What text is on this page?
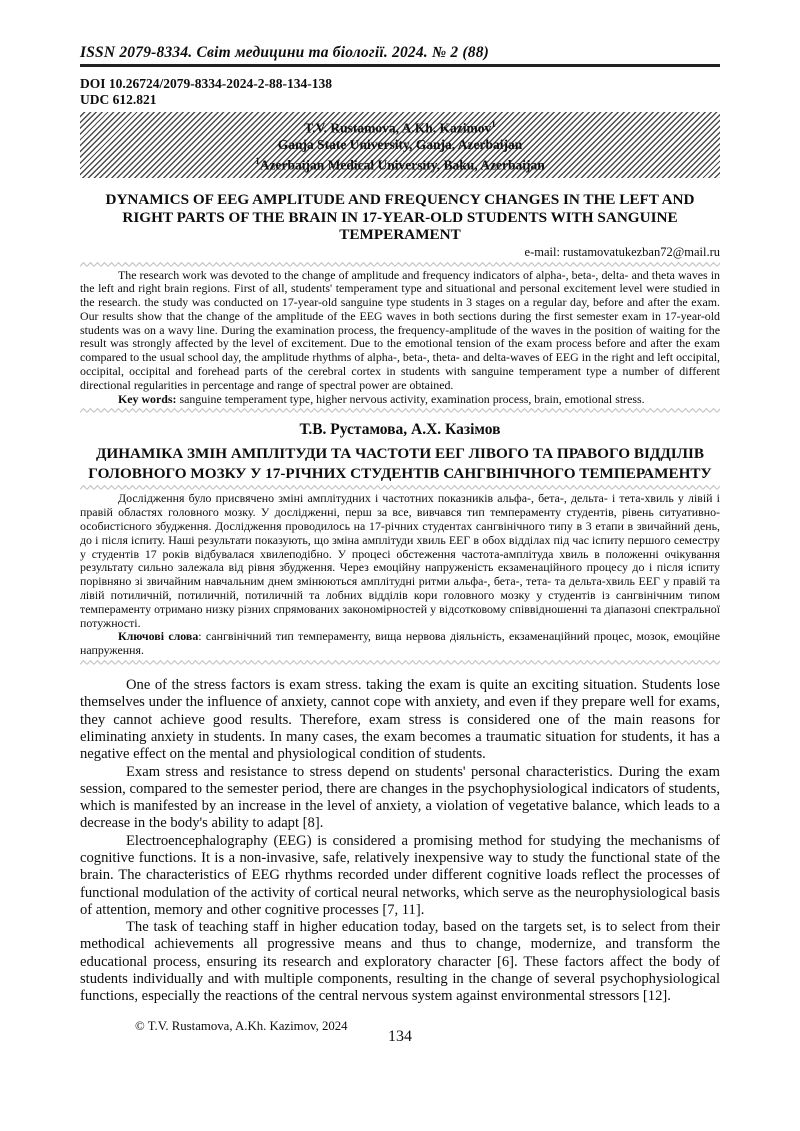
ISSN 2079-8334. Світ медицини та біології. 2024. № 2 (88)
DOI 10.26724/2079-8334-2024-2-88-134-138
UDC 612.821
T.V. Rustamova, A.Kh. Kazimov$^1$
Ganja State University, Ganja, Azerbaijan
$^1$Azerbaijan Medical University, Baku, Azerbaijan
DYNAMICS OF EEG AMPLITUDE AND FREQUENCY CHANGES IN THE LEFT AND RIGHT PARTS OF THE BRAIN IN 17-YEAR-OLD STUDENTS WITH SANGUINE TEMPERAMENT
e-mail: rustamovatukezban72@mail.ru

The research work was devoted to the change of amplitude and frequency indicators of alpha-, beta-, delta- and theta waves in the left and right brain regions. First of all, students' temperament type and situational and personal excitement level were studied in the research. the study was conducted on 17-year-old sanguine type students in 3 stages on a regular day, before and after the exam. Our results show that the change of the amplitude of the EEG waves in both sections during the first semester exam in 17-year-old students was on a wavy line. During the examination process, the frequency-amplitude of the waves in the position of waiting for the result was strongly affected by the level of excitement. Due to the emotional tension of the exam process before and after the exam compared to the usual school day, the amplitude rhythms of alpha-, beta-, theta- and delta-waves of EEG in the right and left occipital, occipital, occipital and forehead parts of the cerebral cortex in students with sanguine temperament type a number of different directional regularities in percentage and range of spectral power are obtained.

Key words: sanguine temperament type, higher nervous activity, examination process, brain, emotional stress.

Т.В. Рустамова, А.Х. Казімов
ДИНАМІКА ЗМІН АМПЛІТУДИ ТА ЧАСТОТИ ЕЕГ ЛІВОГО ТА ПРАВОГО ВІДДІЛІВ ГОЛОВНОГО МОЗКУ У 17-РІЧНИХ СТУДЕНТІВ САНГВІНІЧНОГО ТЕМПЕРАМЕНТУ

Дослідження було присвячено зміні амплітудних і частотних показників альфа-, бета-, дельта- і тета-хвиль у лівій і правій областях головного мозку. У дослідженні, перш за все, вивчався тип темпераменту студентів, рівень ситуативно-особистісного збудження. Дослідження проводилось на 17-річних студентах сангвінічного типу в 3 етапи в звичайний день, до і після іспиту. Наші результати показують, що зміна амплітуди хвиль ЕЕГ в обох відділах під час іспиту першого семестру у студентів 17 років відбувалася хвилеподібно. У процесі обстеження частота-амплітуда хвиль в положенні очікування результату сильно залежала від рівня збудження. Через емоційну напруженість екзаменаційного процесу до і після іспиту порівняно зі звичайним навчальним днем змінюються амплітудні ритми альфа-, бета-, тета- та дельта-хвиль ЕЕГ у правій та лівій потиличній, потиличній, потиличній та лобних відділів кори головного мозку у студентів із сангвінічним типом темпераменту отримано низку різних спрямованих закономірностей у відсотковому співвідношенні та діапазоні спектральної потужності.

Ключові слова: сангвінічний тип темпераменту, вища нервова діяльність, екзаменаційний процес, мозок, емоційне напруження.

One of the stress factors is exam stress. taking the exam is quite an exciting situation. Students lose themselves under the influence of anxiety, cannot cope with anxiety, and even if they prepare well for exams, they cannot achieve good results. Therefore, exam stress is considered one of the main reasons for eliminating anxiety in students. In many cases, the exam becomes a traumatic situation for students, it has a negative effect on the mental and physiological condition of students.

Exam stress and resistance to stress depend on students' personal characteristics. During the exam session, compared to the semester period, there are changes in the psychophysiological indicators of students, which is manifested by an increase in the level of anxiety, a violation of vegetative balance, which leads to a decrease in the body's ability to adapt [8].

Electroencephalography (EEG) is considered a promising method for studying the mechanisms of cognitive functions. It is a non-invasive, safe, relatively inexpensive way to study the functional state of the brain. The characteristics of EEG rhythms recorded under different cognitive loads reflect the processes of functional modulation of the activity of cortical neural networks, which serve as the neurophysiological basis of attention, memory and other cognitive processes [7, 11].

The task of teaching staff in higher education today, based on the targets set, is to select from their methodical achievements all progressive means and thus to change, modernize, and transform the educational process, ensuring its research and exploratory character [6]. These factors affect the body of students individually and with multiple components, resulting in the change of several psychophysiological functions, especially the reactions of the central nervous system against environmental stressors [12].

© T.V. Rustamova, A.Kh. Kazimov, 2024
134
